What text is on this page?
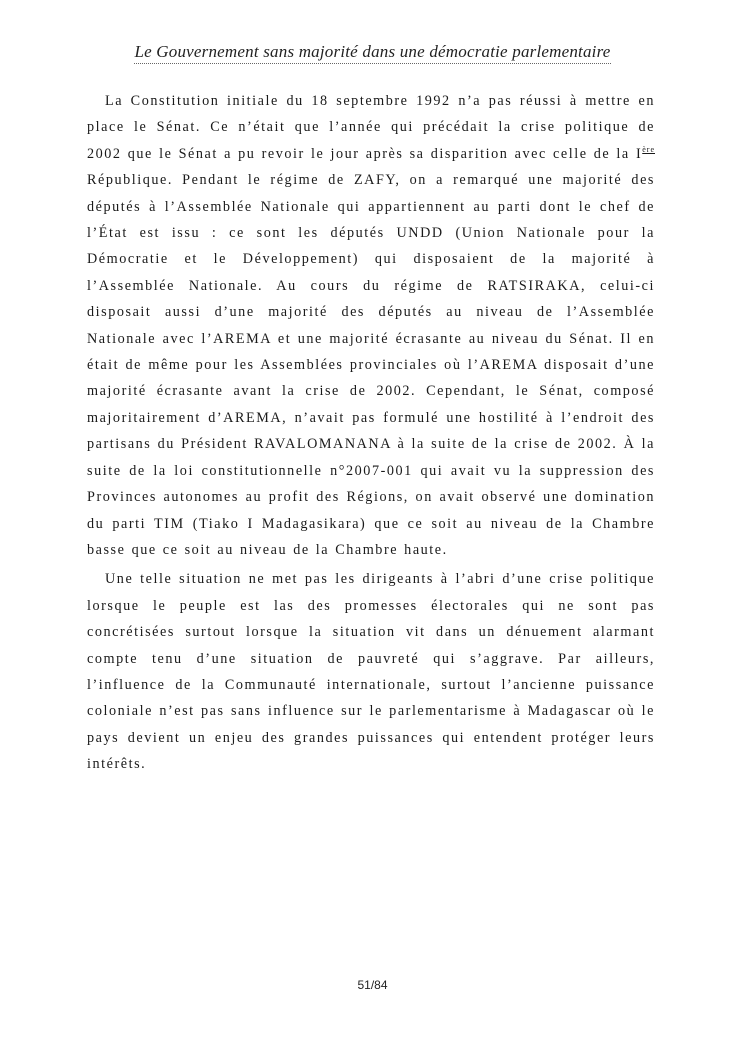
Le Gouvernement sans majorité dans une démocratie parlementaire

La Constitution initiale du 18 septembre 1992 n’a pas réussi à mettre en place le Sénat. Ce n’était que l’année qui précédait la crise politique de 2002 que le Sénat a pu revoir le jour après sa disparition avec celle de la Ière République. Pendant le régime de ZAFY, on a remarqué une majorité des députés à l’Assemblée Nationale qui appartiennent au parti dont le chef de l’État est issu : ce sont les députés UNDD (Union Nationale pour la Démocratie et le Développement) qui disposaient de la majorité à l’Assemblée Nationale. Au cours du régime de RATSIRAKA, celui-ci disposait aussi d’une majorité des députés au niveau de l’Assemblée Nationale avec l’AREMA et une majorité écrasante au niveau du Sénat. Il en était de même pour les Assemblées provinciales où l’AREMA disposait d’une majorité écrasante avant la crise de 2002. Cependant, le Sénat, composé majoritairement d’AREMA, n’avait pas formulé une hostilité à l’endroit des partisans du Président RAVALOMANANA à la suite de la crise de 2002. À la suite de la loi constitutionnelle n°2007-001 qui avait vu la suppression des Provinces autonomes au profit des Régions, on avait observé une domination du parti TIM (Tiako I Madagasikara) que ce soit au niveau de la Chambre basse que ce soit au niveau de la Chambre haute.

Une telle situation ne met pas les dirigeants à l’abri d’une crise politique lorsque le peuple est las des promesses électorales qui ne sont pas concrétisées surtout lorsque la situation vit dans un dénuement alarmant compte tenu d’une situation de pauvreté qui s’aggrave. Par ailleurs, l’influence de la Communauté internationale, surtout l’ancienne puissance coloniale n’est pas sans influence sur le parlementarisme à Madagascar où le pays devient un enjeu des grandes puissances qui entendent protéger leurs intérêts.

51/84
